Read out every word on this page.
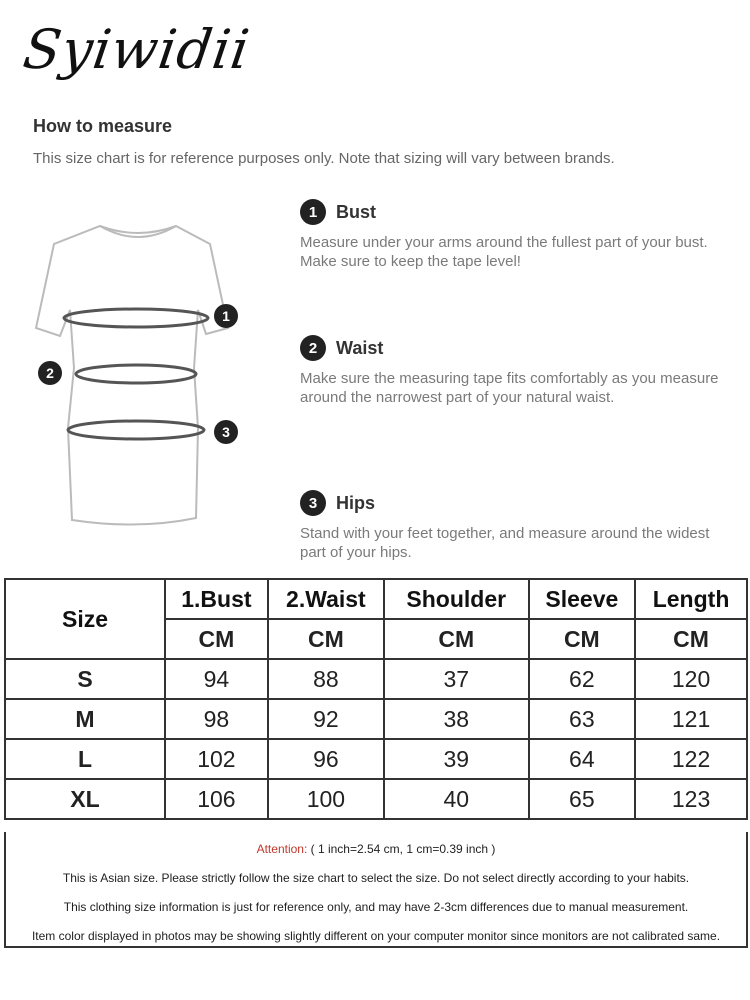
Syiwidii
How to measure
This size chart is for reference purposes only. Note that sizing will vary between brands.
1
2
3
1	Bust
Measure under your arms around the fullest part of your bust. Make sure to keep the tape level!
2	Waist
Make sure the measuring tape fits comfortably as you measure around the narrowest part of your natural waist.
3	Hips
Stand with your feet together, and measure around the widest part of your hips.
Size	1.Bust	2.Waist	Shoulder	Sleeve	Length
	CM	CM	CM	CM	CM
S	94	88	37	62	120
M	98	92	38	63	121
L	102	96	39	64	122
XL	106	100	40	65	123

Attention: ( 1 inch=2.54 cm, 1 cm=0.39 inch )

This is Asian size. Please strictly follow the size chart to select the size. Do not select directly according to your habits.

This clothing size information is just for reference only, and may have 2-3cm differences due to manual measurement.

Item color displayed in photos may be showing slightly different on your computer monitor since monitors are not calibrated same.
